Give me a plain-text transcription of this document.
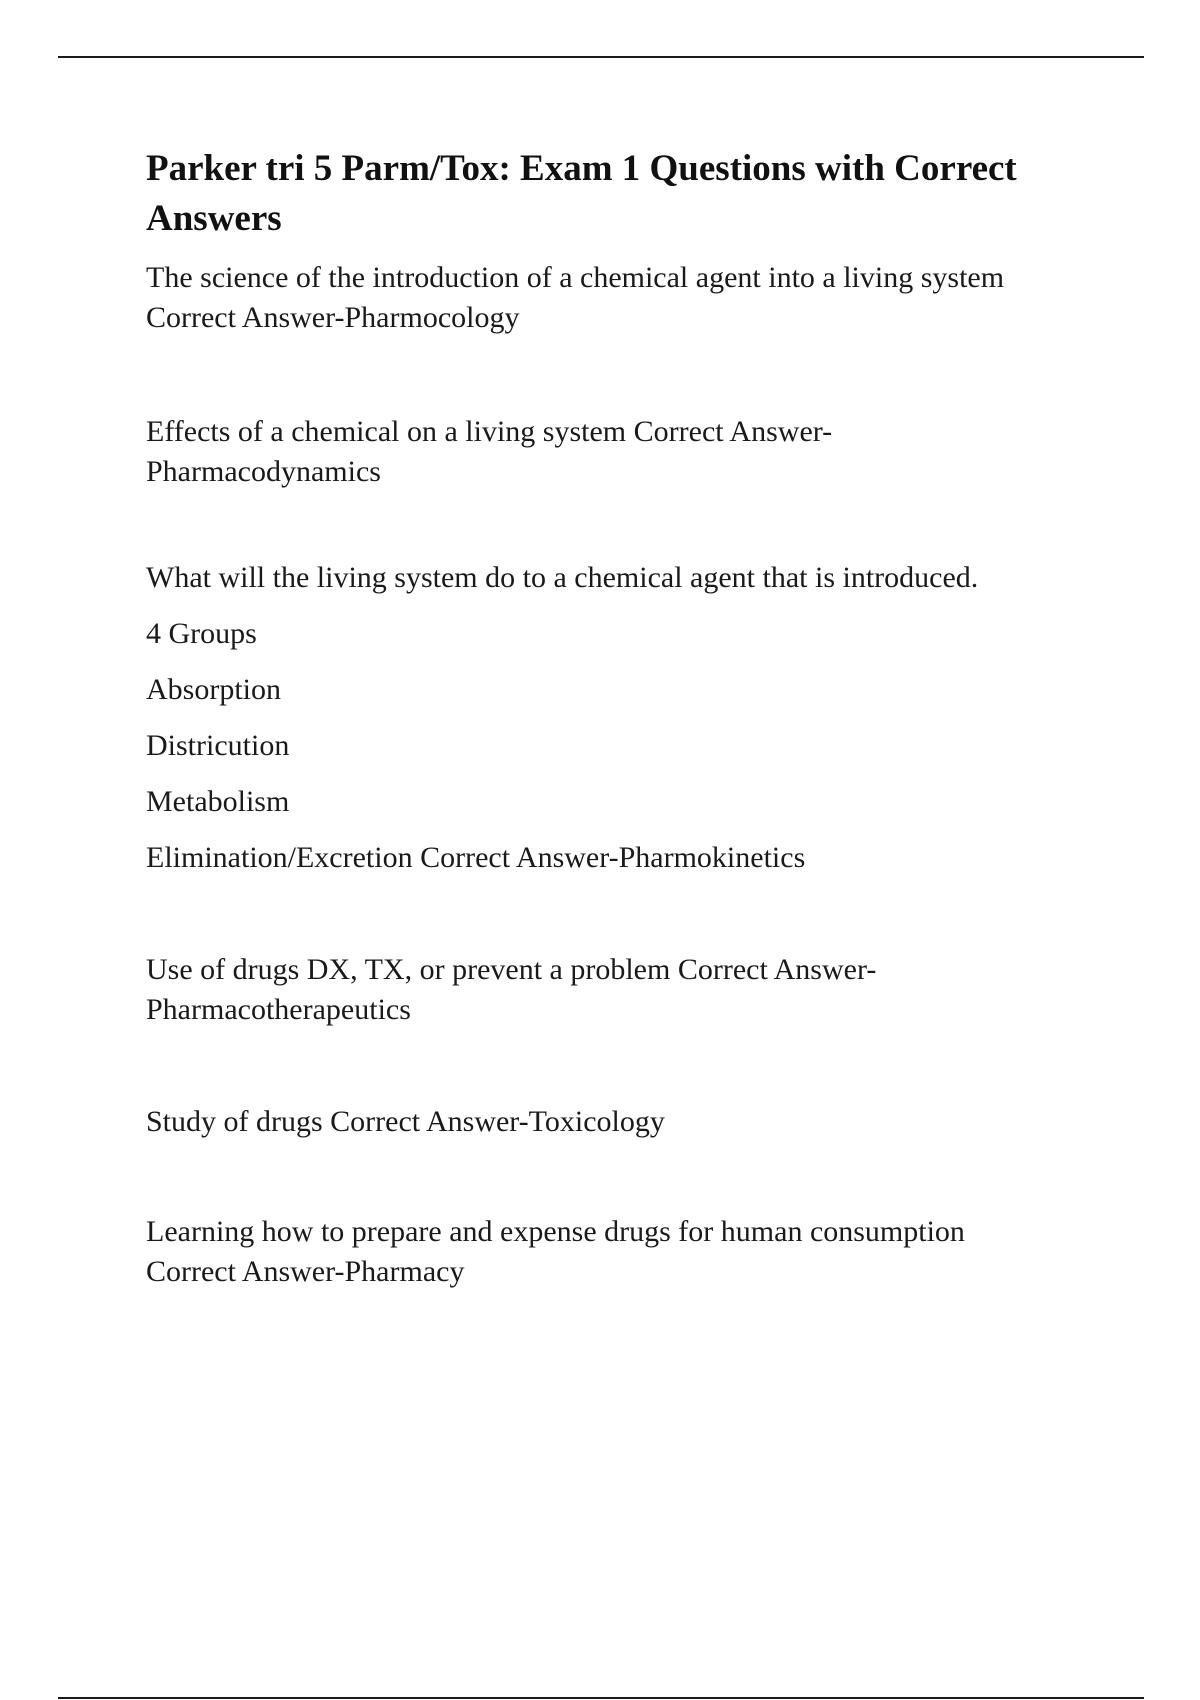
Parker tri 5 Parm/Tox: Exam 1 Questions with Correct Answers
The science of the introduction of a chemical agent into a living system
Correct Answer-Pharmocology
Effects of a chemical on a living system Correct Answer-
Pharmacodynamics
What will the living system do to a chemical agent that is introduced.
4 Groups
Absorption
Districution
Metabolism
Elimination/Excretion Correct Answer-Pharmokinetics
Use of drugs DX, TX, or prevent a problem Correct Answer-
Pharmacotherapeutics
Study of drugs Correct Answer-Toxicology
Learning how to prepare and expense drugs for human consumption
Correct Answer-Pharmacy
